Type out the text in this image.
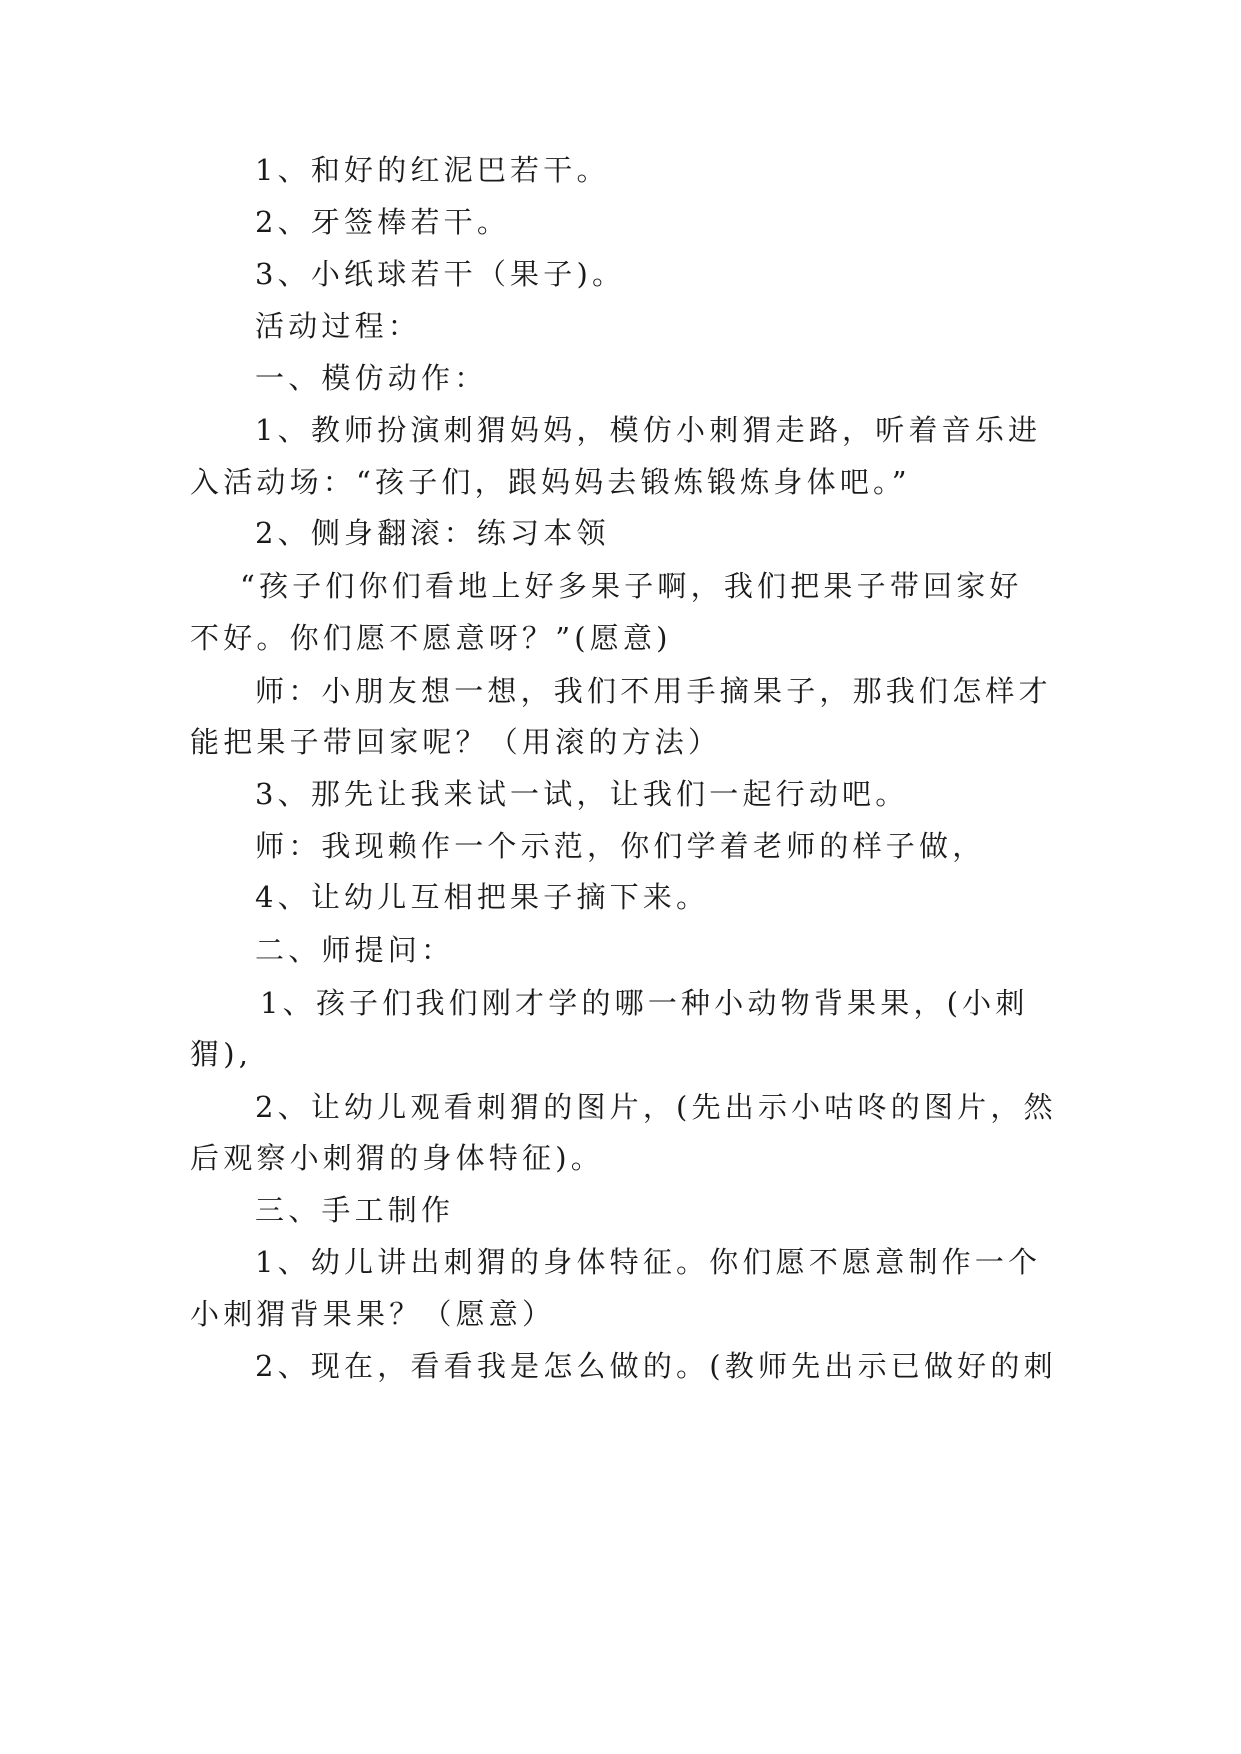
1、和好的红泥巴若干。
2、牙签棒若干。
3、小纸球若干（果子)。
活动过程：
一、模仿动作：
1、教师扮演刺猬妈妈，模仿小刺猬走路，听着音乐进
入活动场：“孩子们，跟妈妈去锻炼锻炼身体吧。”
2、侧身翻滚：练习本领
“孩子们你们看地上好多果子啊，我们把果子带回家好
不好。你们愿不愿意呀？”(愿意)
师：小朋友想一想，我们不用手摘果子，那我们怎样才
能把果子带回家呢？（用滚的方法）
3、那先让我来试一试，让我们一起行动吧。
师：我现赖作一个示范，你们学着老师的样子做，
4、让幼儿互相把果子摘下来。
二、师提问：
1、孩子们我们刚才学的哪一种小动物背果果，(小刺
猬),
2、让幼儿观看刺猬的图片，(先出示小咕咚的图片，然
后观察小刺猬的身体特征)。
三、手工制作
1、幼儿讲出刺猬的身体特征。你们愿不愿意制作一个
小刺猬背果果？（愿意）
2、现在，看看我是怎么做的。(教师先出示已做好的刺
